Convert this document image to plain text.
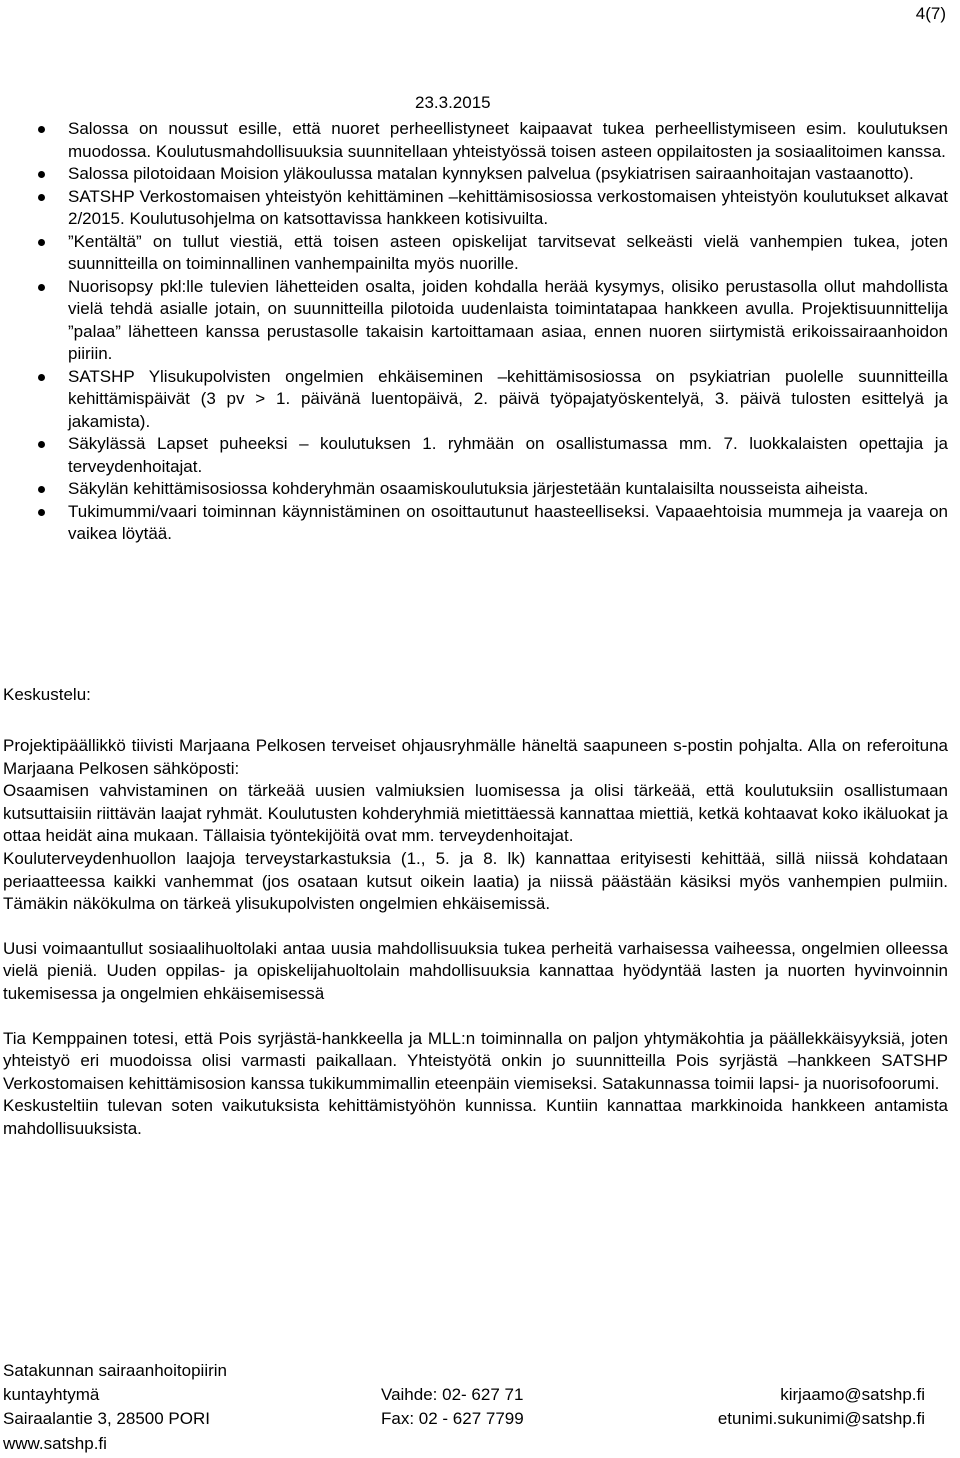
4(7)
23.3.2015
Salossa on noussut esille, että nuoret perheellistyneet kaipaavat tukea perheellistymiseen esim. koulutuksen muodossa. Koulutusmahdollisuuksia suunnitellaan yhteistyössä toisen asteen oppilaitosten ja sosiaalitoimen kanssa.
Salossa pilotoidaan Moision yläkoulussa matalan kynnyksen palvelua (psykiatrisen sairaanhoitajan vastaanotto).
SATSHP Verkostomaisen yhteistyön kehittäminen –kehittämisosiossa verkostomaisen yhteistyön koulutukset alkavat 2/2015. Koulutusohjelma on katsottavissa hankkeen kotisivuilta.
”Kentältä” on tullut viestiä, että toisen asteen opiskelijat tarvitsevat selkeästi vielä vanhempien tukea, joten suunnitteilla on toiminnallinen vanhempainilta myös nuorille.
Nuorisopsy pkl:lle tulevien lähetteiden osalta, joiden kohdalla herää kysymys, olisiko perustasolla ollut mahdollista vielä tehdä asialle jotain, on suunnitteilla pilotoida uudenlaista toimintatapaa hankkeen avulla. Projektisuunnittelija ”palaa” lähetteen kanssa perustasolle takaisin kartoittamaan asiaa, ennen nuoren siirtymistä erikoissairaanhoidon piiriin.
SATSHP Ylisukupolvisten ongelmien ehkäiseminen –kehittämisosiossa on psykiatrian puolelle suunnitteilla kehittämispäivät (3 pv > 1. päivänä luentopäivä, 2. päivä työpajatyöskentelyä, 3. päivä tulosten esittelyä ja jakamista).
Säkylässä Lapset puheeksi – koulutuksen 1. ryhmään on osallistumassa mm. 7. luokkalaisten opettajia ja terveydenhoitajat.
Säkylän kehittämisosiossa kohderyhmän osaamiskoulutuksia järjestetään kuntalaisilta nousseista aiheista.
Tukimummi/vaari toiminnan käynnistäminen on osoittautunut haasteelliseksi. Vapaaehtoisia mummeja ja vaareja on vaikea löytää.
Keskustelu:

Projektipäällikkö tiivisti Marjaana Pelkosen terveiset ohjausryhmälle häneltä saapuneen s-postin pohjalta. Alla on referoituna Marjaana Pelkosen sähköposti:

Osaamisen vahvistaminen on tärkeää uusien valmiuksien luomisessa ja olisi tärkeää, että koulutuksiin osallistumaan kutsuttaisiin riittävän laajat ryhmät. Koulutusten kohderyhmiä mietittäessä kannattaa miettiä, ketkä kohtaavat koko ikäluokat ja ottaa heidät aina mukaan. Tällaisia työntekijöitä ovat mm. terveydenhoitajat.

Kouluterveydenhuollon laajoja terveystarkastuksia (1., 5. ja 8. lk) kannattaa erityisesti kehittää, sillä niissä kohdataan periaatteessa kaikki vanhemmat (jos osataan kutsut oikein laatia) ja niissä päästään käsiksi myös vanhempien pulmiin. Tämäkin näkökulma on tärkeä ylisukupolvisten ongelmien ehkäisemissä.

Uusi voimaantullut sosiaalihuoltolaki antaa uusia mahdollisuuksia tukea perheitä varhaisessa vaiheessa, ongelmien olleessa vielä pieniä. Uuden oppilas- ja opiskelijahuoltolain mahdollisuuksia kannattaa hyödyntää lasten ja nuorten hyvinvoinnin tukemisessa ja ongelmien ehkäisemisessä

Tia Kemppainen totesi, että Pois syrjästä-hankkeella ja MLL:n toiminnalla on paljon yhtymäkohtia ja päällekkäisyyksiä, joten yhteistyö eri muodoissa olisi varmasti paikallaan. Yhteistyötä onkin jo suunnitteilla Pois syrjästä –hankkeen SATSHP Verkostomaisen kehittämisosion kanssa tukikummimallin eteenpäin viemiseksi. Satakunnassa toimii lapsi- ja nuorisofoorumi.

Keskusteltiin tulevan soten vaikutuksista kehittämistyöhön kunnissa. Kuntiin kannattaa markkinoida hankkeen antamista mahdollisuuksista.

Satakunnan sairaanhoitopiirin
kuntayhtymä
Sairaalantie 3, 28500 PORI
www.satshp.fi
Vaihde: 02- 627 71
Fax: 02 - 627 7799
kirjaamo@satshp.fi
etunimi.sukunimi@satshp.fi
